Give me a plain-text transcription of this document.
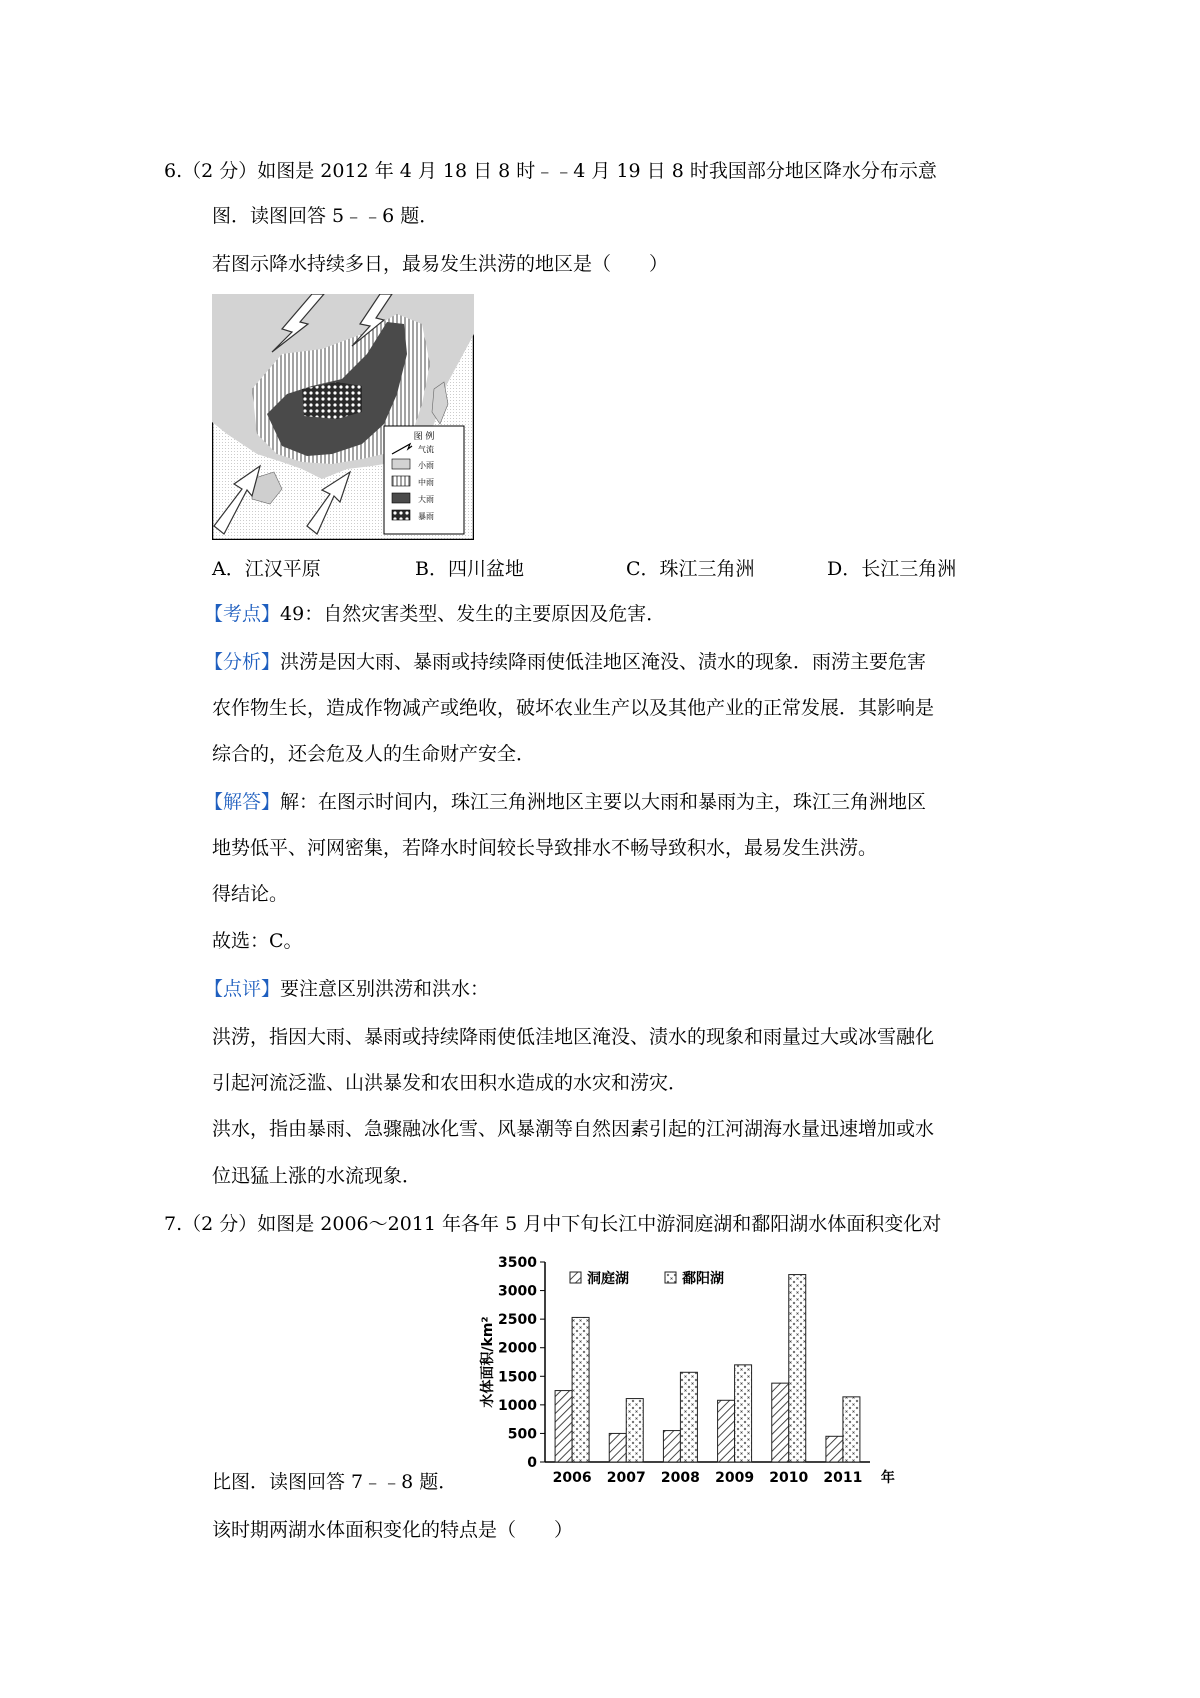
6.（2 分）如图是 2012 年 4 月 18 日 8 时﹣﹣4 月 19 日 8 时我国部分地区降水分布示意
图．读图回答 5﹣﹣6 题．
若图示降水持续多日，最易发生洪涝的地区是（　　）
图 例
气流
小雨
中雨
大雨
暴雨
A．江汉平原	B．四川盆地	C．珠江三角洲	D．长江三角洲
【考点】49：自然灾害类型、发生的主要原因及危害．
【分析】洪涝是因大雨、暴雨或持续降雨使低洼地区淹没、渍水的现象．雨涝主要危害
农作物生长，造成作物减产或绝收，破坏农业生产以及其他产业的正常发展．其影响是
综合的，还会危及人的生命财产安全．
【解答】解：在图示时间内，珠江三角洲地区主要以大雨和暴雨为主，珠江三角洲地区
地势低平、河网密集，若降水时间较长导致排水不畅导致积水，最易发生洪涝。
得结论。
故选：C。
【点评】要注意区别洪涝和洪水：
洪涝，指因大雨、暴雨或持续降雨使低洼地区淹没、渍水的现象和雨量过大或冰雪融化
引起河流泛滥、山洪暴发和农田积水造成的水灾和涝灾．
洪水，指由暴雨、急骤融冰化雪、风暴潮等自然因素引起的江河湖海水量迅速增加或水
位迅猛上涨的水流现象．
7.（2 分）如图是 2006～2011 年各年 5 月中下旬长江中游洞庭湖和鄱阳湖水体面积变化对
0
500
1000
1500
2000
2500
3000
3500
水体面积/km²
2006 2007 2008 2009 2010 2011 年
洞庭湖	鄱阳湖
比图．读图回答 7﹣﹣8 题．
该时期两湖水体面积变化的特点是（　　）
